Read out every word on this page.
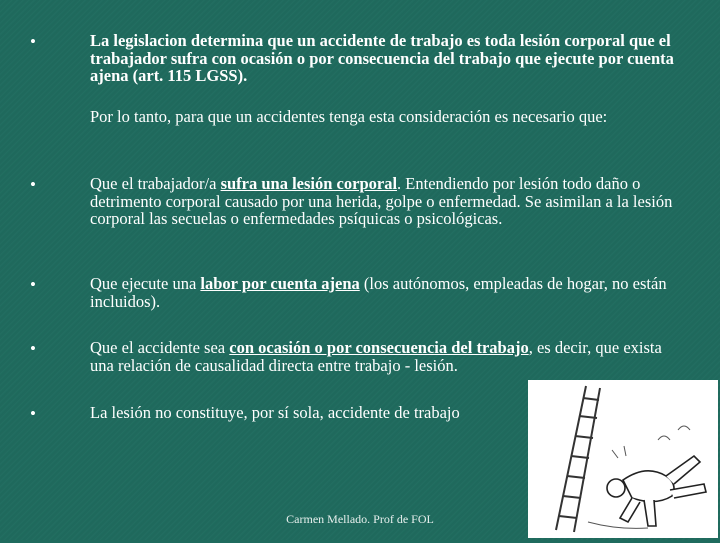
•	La legislacion determina que un accidente de trabajo es toda lesión corporal que el trabajador sufra con ocasión o por consecuencia del trabajo que ejecute por cuenta ajena (art. 115 LGSS).
Por lo tanto, para que un accidentes tenga esta consideración es necesario que:
•	Que el trabajador/a sufra una lesión corporal. Entendiendo por lesión todo daño o detrimento corporal causado por una herida, golpe o enfermedad. Se asimilan a la lesión corporal las secuelas o enfermedades psíquicas o psicológicas.
•	Que ejecute una labor por cuenta ajena (los autónomos, empleadas de hogar, no están incluidos).
•	Que el accidente sea con ocasión o por consecuencia del trabajo, es decir, que exista una relación de causalidad directa entre trabajo - lesión.
•	La lesión no constituye, por sí sola, accidente de trabajo
Carmen Mellado. Prof de FOL
